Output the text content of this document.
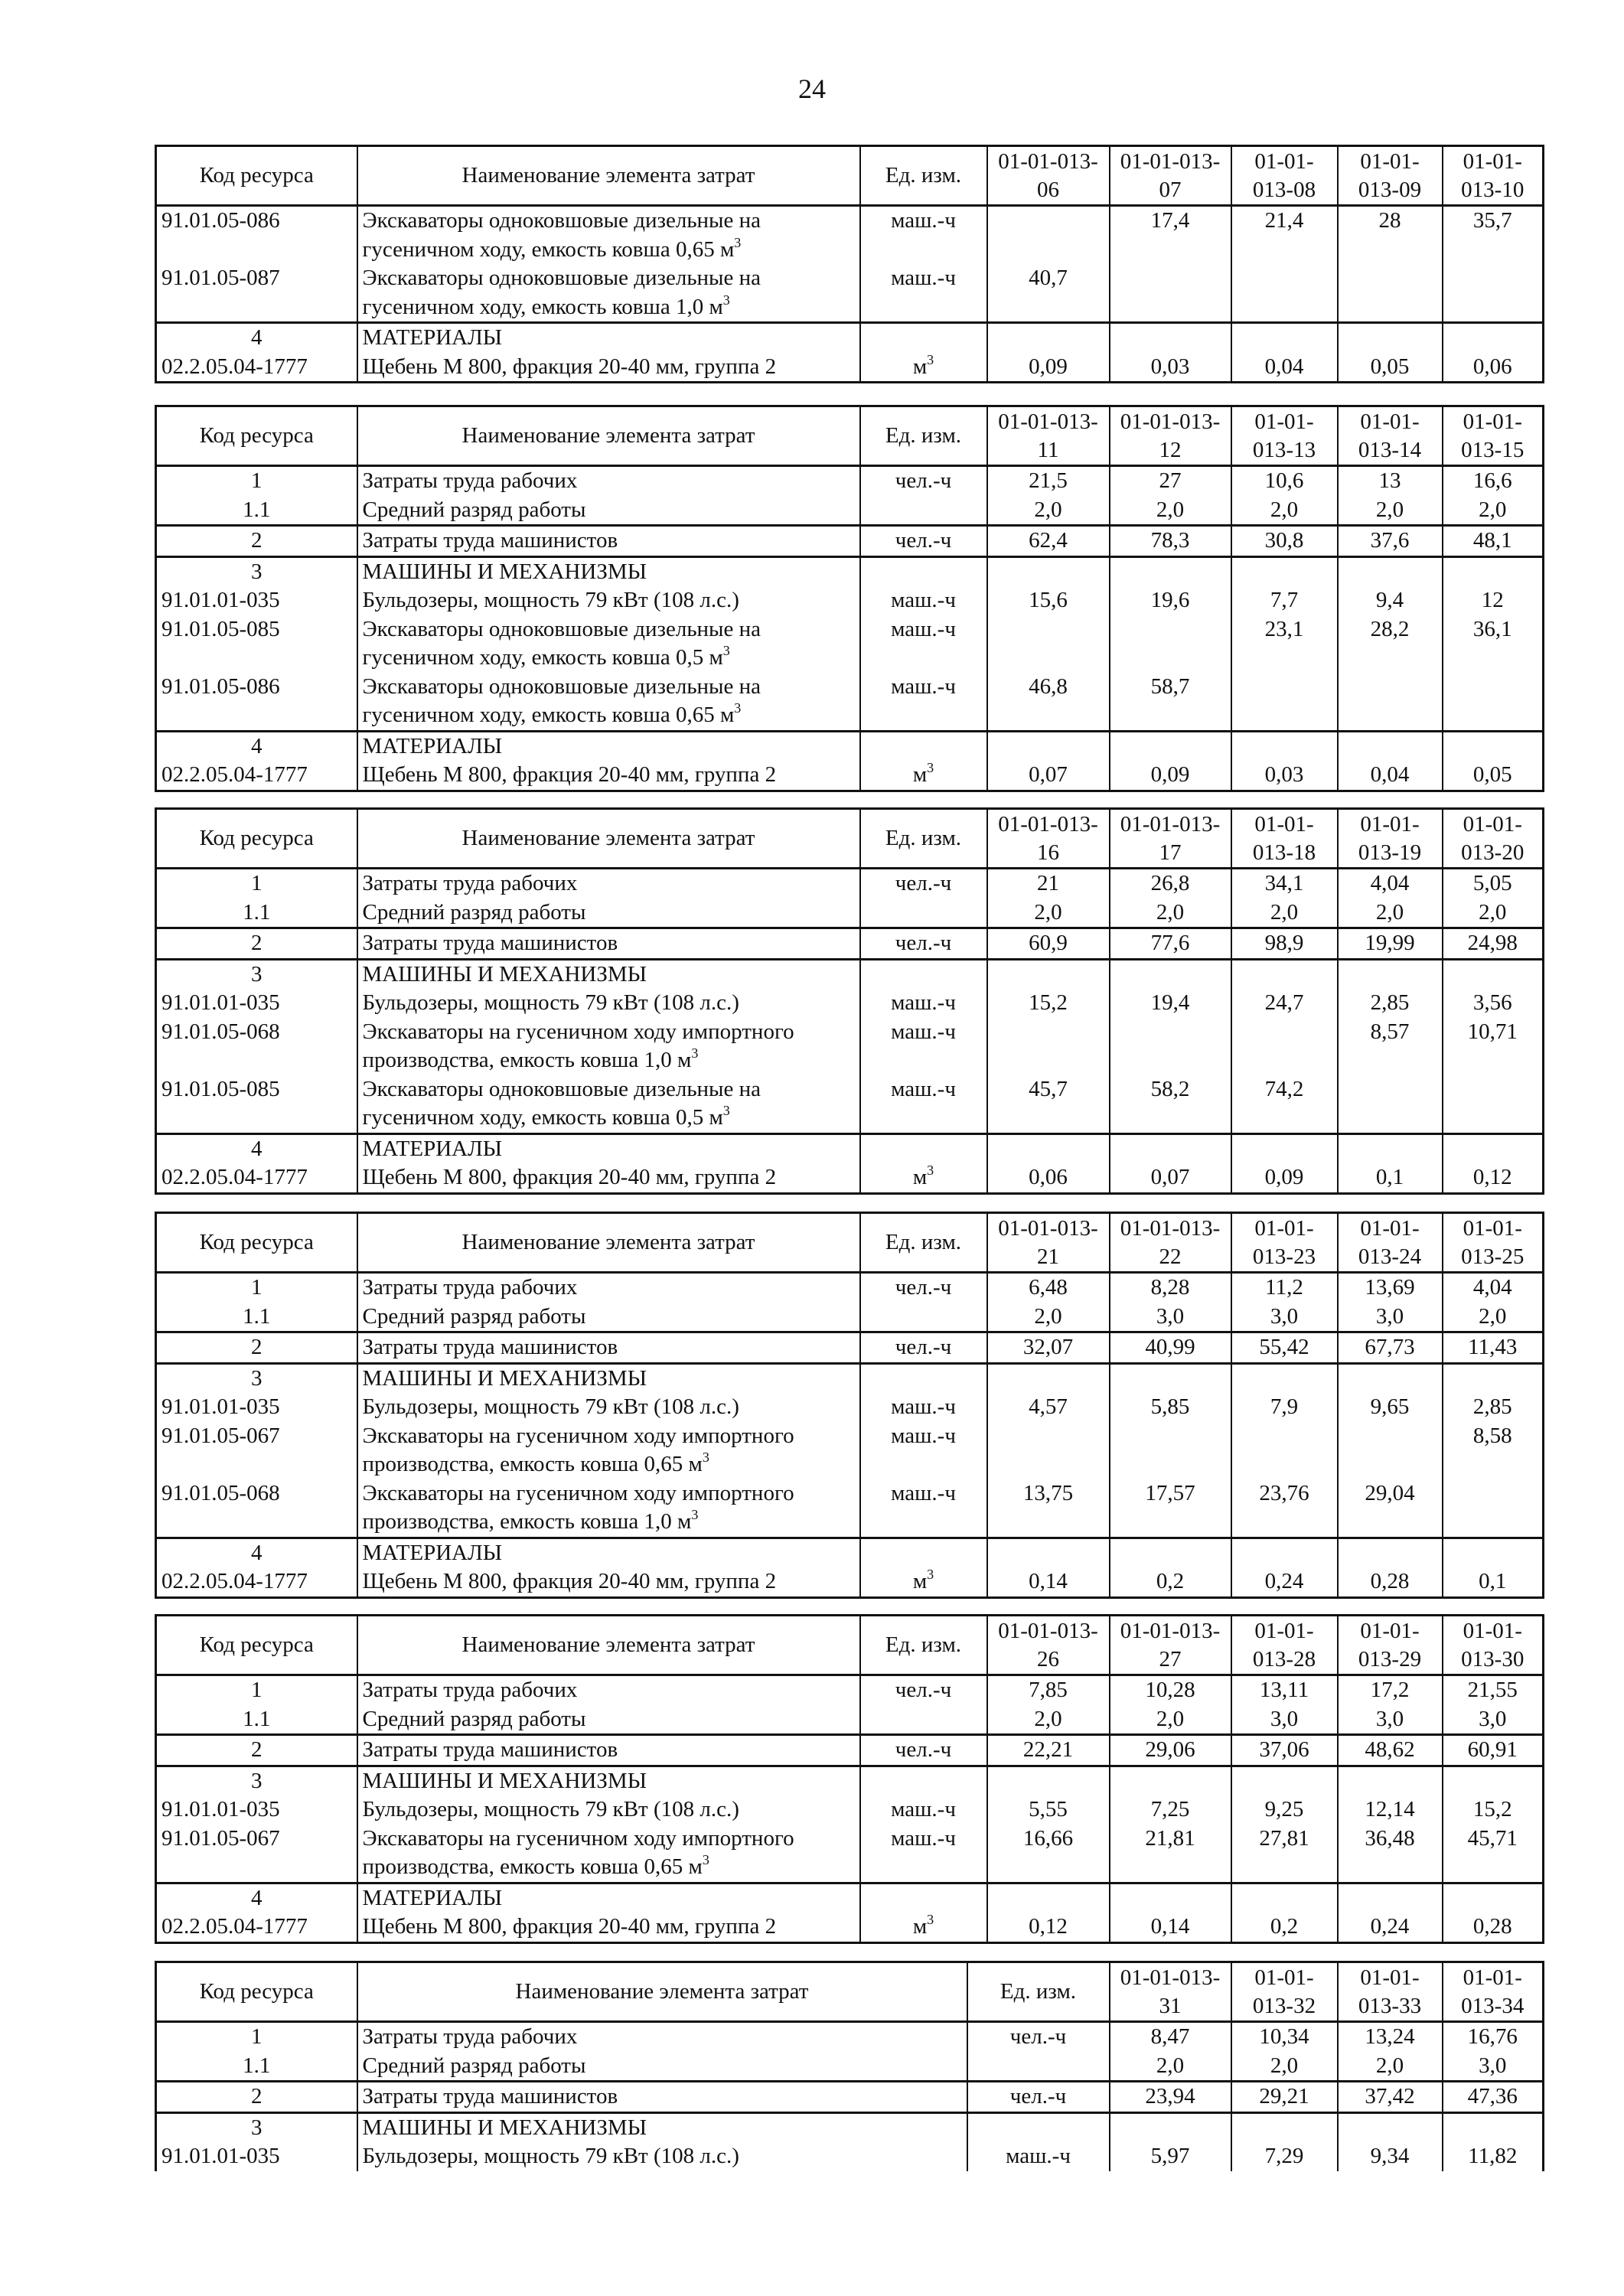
24
Код ресурса	Наименование элемента затрат	Ед. изм.	01-01-013-06	01-01-013-07	01-01-013-08	01-01-013-09	01-01-013-10
91.01.05-086	Экскаваторы одноковшовые дизельные на гусеничном ходу, емкость ковша 0,65 $м^3$	маш.-ч		17,4	21,4	28	35,7
91.01.05-087	Экскаваторы одноковшовые дизельные на гусеничном ходу, емкость ковша 1,0 $м^3$	маш.-ч	40,7				
4	МАТЕРИАЛЫ						
02.2.05.04-1777	Щебень М 800, фракция 20-40 мм, группа 2	$м^3$	0,09	0,03	0,04	0,05	0,06
Код ресурса	Наименование элемента затрат	Ед. изм.	01-01-013-11	01-01-013-12	01-01-013-13	01-01-013-14	01-01-013-15
1	Затраты труда рабочих	чел.-ч	21,5	27	10,6	13	16,6
1.1	Средний разряд работы		2,0	2,0	2,0	2,0	2,0
2	Затраты труда машинистов	чел.-ч	62,4	78,3	30,8	37,6	48,1
3	МАШИНЫ И МЕХАНИЗМЫ						
91.01.01-035	Бульдозеры, мощность 79 кВт (108 л.с.)	маш.-ч	15,6	19,6	7,7	9,4	12
91.01.05-085	Экскаваторы одноковшовые дизельные на гусеничном ходу, емкость ковша 0,5 $м^3$	маш.-ч			23,1	28,2	36,1
91.01.05-086	Экскаваторы одноковшовые дизельные на гусеничном ходу, емкость ковша 0,65 $м^3$	маш.-ч	46,8	58,7			
4	МАТЕРИАЛЫ						
02.2.05.04-1777	Щебень М 800, фракция 20-40 мм, группа 2	$м^3$	0,07	0,09	0,03	0,04	0,05
Код ресурса	Наименование элемента затрат	Ед. изм.	01-01-013-16	01-01-013-17	01-01-013-18	01-01-013-19	01-01-013-20
1	Затраты труда рабочих	чел.-ч	21	26,8	34,1	4,04	5,05
1.1	Средний разряд работы		2,0	2,0	2,0	2,0	2,0
2	Затраты труда машинистов	чел.-ч	60,9	77,6	98,9	19,99	24,98
3	МАШИНЫ И МЕХАНИЗМЫ						
91.01.01-035	Бульдозеры, мощность 79 кВт (108 л.с.)	маш.-ч	15,2	19,4	24,7	2,85	3,56
91.01.05-068	Экскаваторы на гусеничном ходу импортного производства, емкость ковша 1,0 $м^3$	маш.-ч				8,57	10,71
91.01.05-085	Экскаваторы одноковшовые дизельные на гусеничном ходу, емкость ковша 0,5 $м^3$	маш.-ч	45,7	58,2	74,2		
4	МАТЕРИАЛЫ						
02.2.05.04-1777	Щебень М 800, фракция 20-40 мм, группа 2	$м^3$	0,06	0,07	0,09	0,1	0,12
Код ресурса	Наименование элемента затрат	Ед. изм.	01-01-013-21	01-01-013-22	01-01-013-23	01-01-013-24	01-01-013-25
1	Затраты труда рабочих	чел.-ч	6,48	8,28	11,2	13,69	4,04
1.1	Средний разряд работы		2,0	3,0	3,0	3,0	2,0
2	Затраты труда машинистов	чел.-ч	32,07	40,99	55,42	67,73	11,43
3	МАШИНЫ И МЕХАНИЗМЫ						
91.01.01-035	Бульдозеры, мощность 79 кВт (108 л.с.)	маш.-ч	4,57	5,85	7,9	9,65	2,85
91.01.05-067	Экскаваторы на гусеничном ходу импортного производства, емкость ковша 0,65 $м^3$	маш.-ч					8,58
91.01.05-068	Экскаваторы на гусеничном ходу импортного производства, емкость ковша 1,0 $м^3$	маш.-ч	13,75	17,57	23,76	29,04	
4	МАТЕРИАЛЫ						
02.2.05.04-1777	Щебень М 800, фракция 20-40 мм, группа 2	$м^3$	0,14	0,2	0,24	0,28	0,1
Код ресурса	Наименование элемента затрат	Ед. изм.	01-01-013-26	01-01-013-27	01-01-013-28	01-01-013-29	01-01-013-30
1	Затраты труда рабочих	чел.-ч	7,85	10,28	13,11	17,2	21,55
1.1	Средний разряд работы		2,0	2,0	3,0	3,0	3,0
2	Затраты труда машинистов	чел.-ч	22,21	29,06	37,06	48,62	60,91
3	МАШИНЫ И МЕХАНИЗМЫ						
91.01.01-035	Бульдозеры, мощность 79 кВт (108 л.с.)	маш.-ч	5,55	7,25	9,25	12,14	15,2
91.01.05-067	Экскаваторы на гусеничном ходу импортного производства, емкость ковша 0,65 $м^3$	маш.-ч	16,66	21,81	27,81	36,48	45,71
4	МАТЕРИАЛЫ						
02.2.05.04-1777	Щебень М 800, фракция 20-40 мм, группа 2	$м^3$	0,12	0,14	0,2	0,24	0,28
Код ресурса	Наименование элемента затрат	Ед. изм.	01-01-013-31	01-01-013-32	01-01-013-33	01-01-013-34
1	Затраты труда рабочих	чел.-ч	8,47	10,34	13,24	16,76
1.1	Средний разряд работы		2,0	2,0	2,0	3,0
2	Затраты труда машинистов	чел.-ч	23,94	29,21	37,42	47,36
3	МАШИНЫ И МЕХАНИЗМЫ					
91.01.01-035	Бульдозеры, мощность 79 кВт (108 л.с.)	маш.-ч	5,97	7,29	9,34	11,82
